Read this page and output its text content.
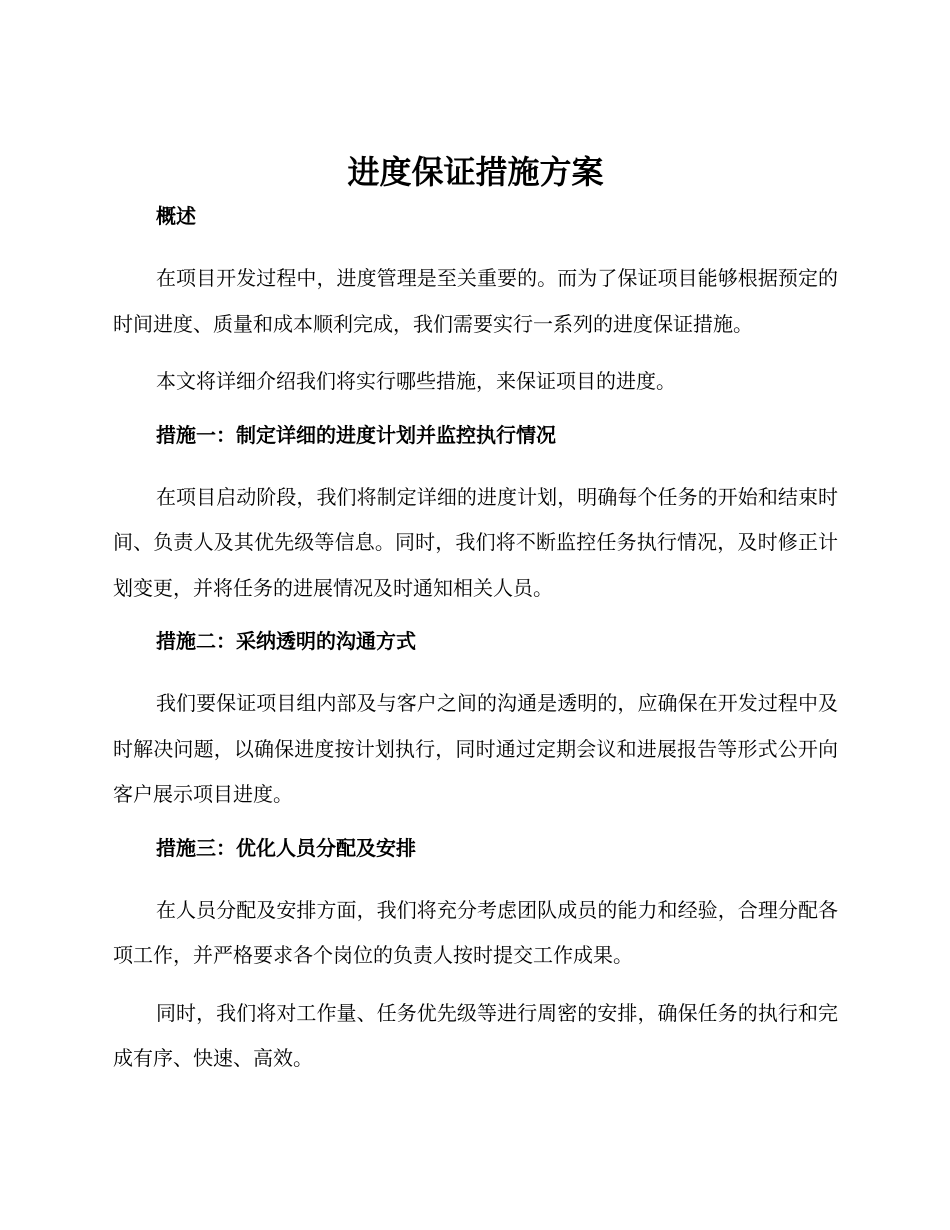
进度保证措施方案
概述

在项目开发过程中，进度管理是至关重要的。而为了保证项目能够根据预定的时间进度、质量和成本顺利完成，我们需要实行一系列的进度保证措施。

本文将详细介绍我们将实行哪些措施，来保证项目的进度。

措施一：制定详细的进度计划并监控执行情况

在项目启动阶段，我们将制定详细的进度计划，明确每个任务的开始和结束时间、负责人及其优先级等信息。同时，我们将不断监控任务执行情况，及时修正计划变更，并将任务的进展情况及时通知相关人员。

措施二：采纳透明的沟通方式

我们要保证项目组内部及与客户之间的沟通是透明的，应确保在开发过程中及时解决问题，以确保进度按计划执行，同时通过定期会议和进展报告等形式公开向客户展示项目进度。

措施三：优化人员分配及安排

在人员分配及安排方面，我们将充分考虑团队成员的能力和经验，合理分配各项工作，并严格要求各个岗位的负责人按时提交工作成果。

同时，我们将对工作量、任务优先级等进行周密的安排，确保任务的执行和完成有序、快速、高效。
